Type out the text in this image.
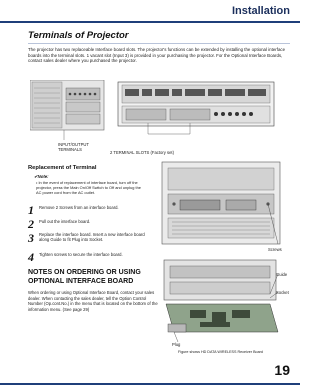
Installation
Terminals of Projector
The projector has two replaceable Interface board slots. The projector's functions can be extended by installing the optional interface boards into the terminal slots. 1 vacant slot (Input 3) is provided in your purchasing the projector. For the Optional Interface Boards, contact sales dealer where you purchased the projector.
INPUT/OUTPUT
TERMINALS
2 TERMINAL SLOTS (Factory set)
Replacement of Terminal
✔Note:
• In the event of replacement of interface board, turn off the projector, press the Main On/Off Switch to Off and unplug the AC power cord from the AC outlet.
1 Remove 2 Screws from an interface board.
2 Pull out the interface board.
3 Replace the interface board. Insert a new interface board along Guide to fit Plug into Socket.
4 Tighten screws to secure the interface board.
Screws
NOTES ON ORDERING OR USING OPTIONAL INTERFACE BOARD
When ordering or using Optional Interface Board, contact your sales dealer. When contacting the sales dealer, tell the Option Control Number (Op.cont.No.) in the menu that is located on the bottom of the information menu. (See page 29)
Guide
Socket
Plug
Figure shows HD DATA WIRELESS Receiver Board
19
